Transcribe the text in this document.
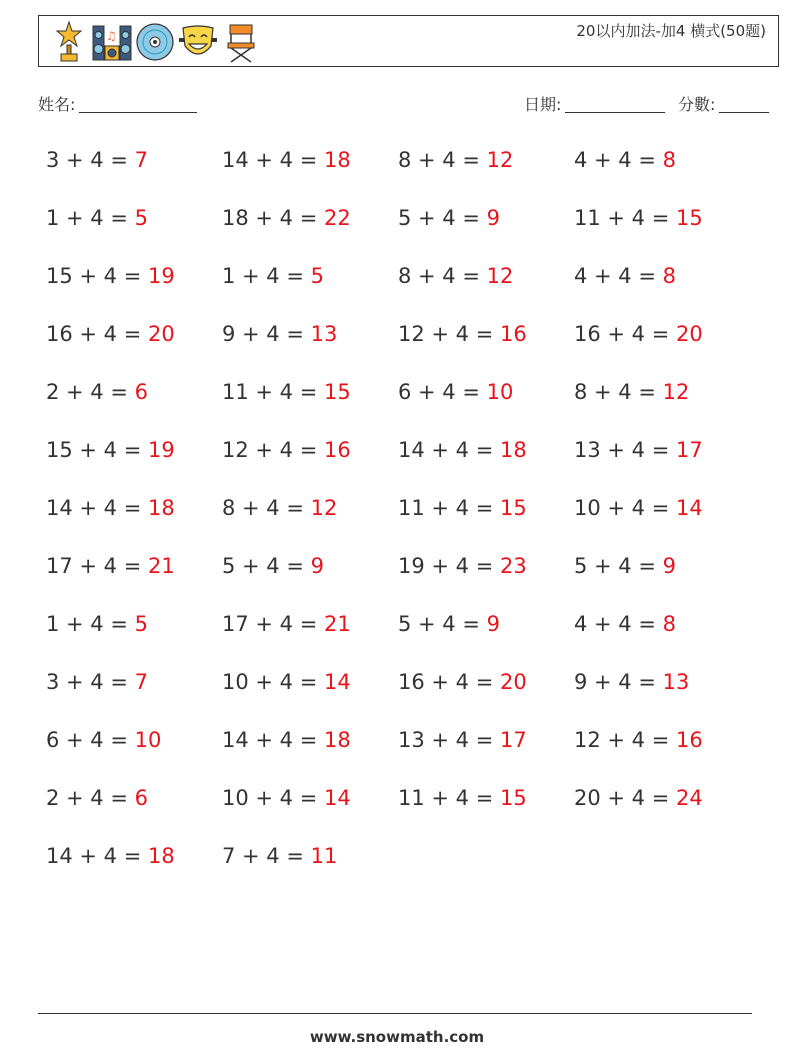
♫	20以内加法-加4 横式(50题)
姓名:	日期:	分數:
3 + 4 = 7	14 + 4 = 18	8 + 4 = 12	4 + 4 = 8
1 + 4 = 5	18 + 4 = 22	5 + 4 = 9	11 + 4 = 15
15 + 4 = 19	1 + 4 = 5	8 + 4 = 12	4 + 4 = 8
16 + 4 = 20	9 + 4 = 13	12 + 4 = 16	16 + 4 = 20
2 + 4 = 6	11 + 4 = 15	6 + 4 = 10	8 + 4 = 12
15 + 4 = 19	12 + 4 = 16	14 + 4 = 18	13 + 4 = 17
14 + 4 = 18	8 + 4 = 12	11 + 4 = 15	10 + 4 = 14
17 + 4 = 21	5 + 4 = 9	19 + 4 = 23	5 + 4 = 9
1 + 4 = 5	17 + 4 = 21	5 + 4 = 9	4 + 4 = 8
3 + 4 = 7	10 + 4 = 14	16 + 4 = 20	9 + 4 = 13
6 + 4 = 10	14 + 4 = 18	13 + 4 = 17	12 + 4 = 16
2 + 4 = 6	10 + 4 = 14	11 + 4 = 15	20 + 4 = 24
14 + 4 = 18	7 + 4 = 11
www.snowmath.com
